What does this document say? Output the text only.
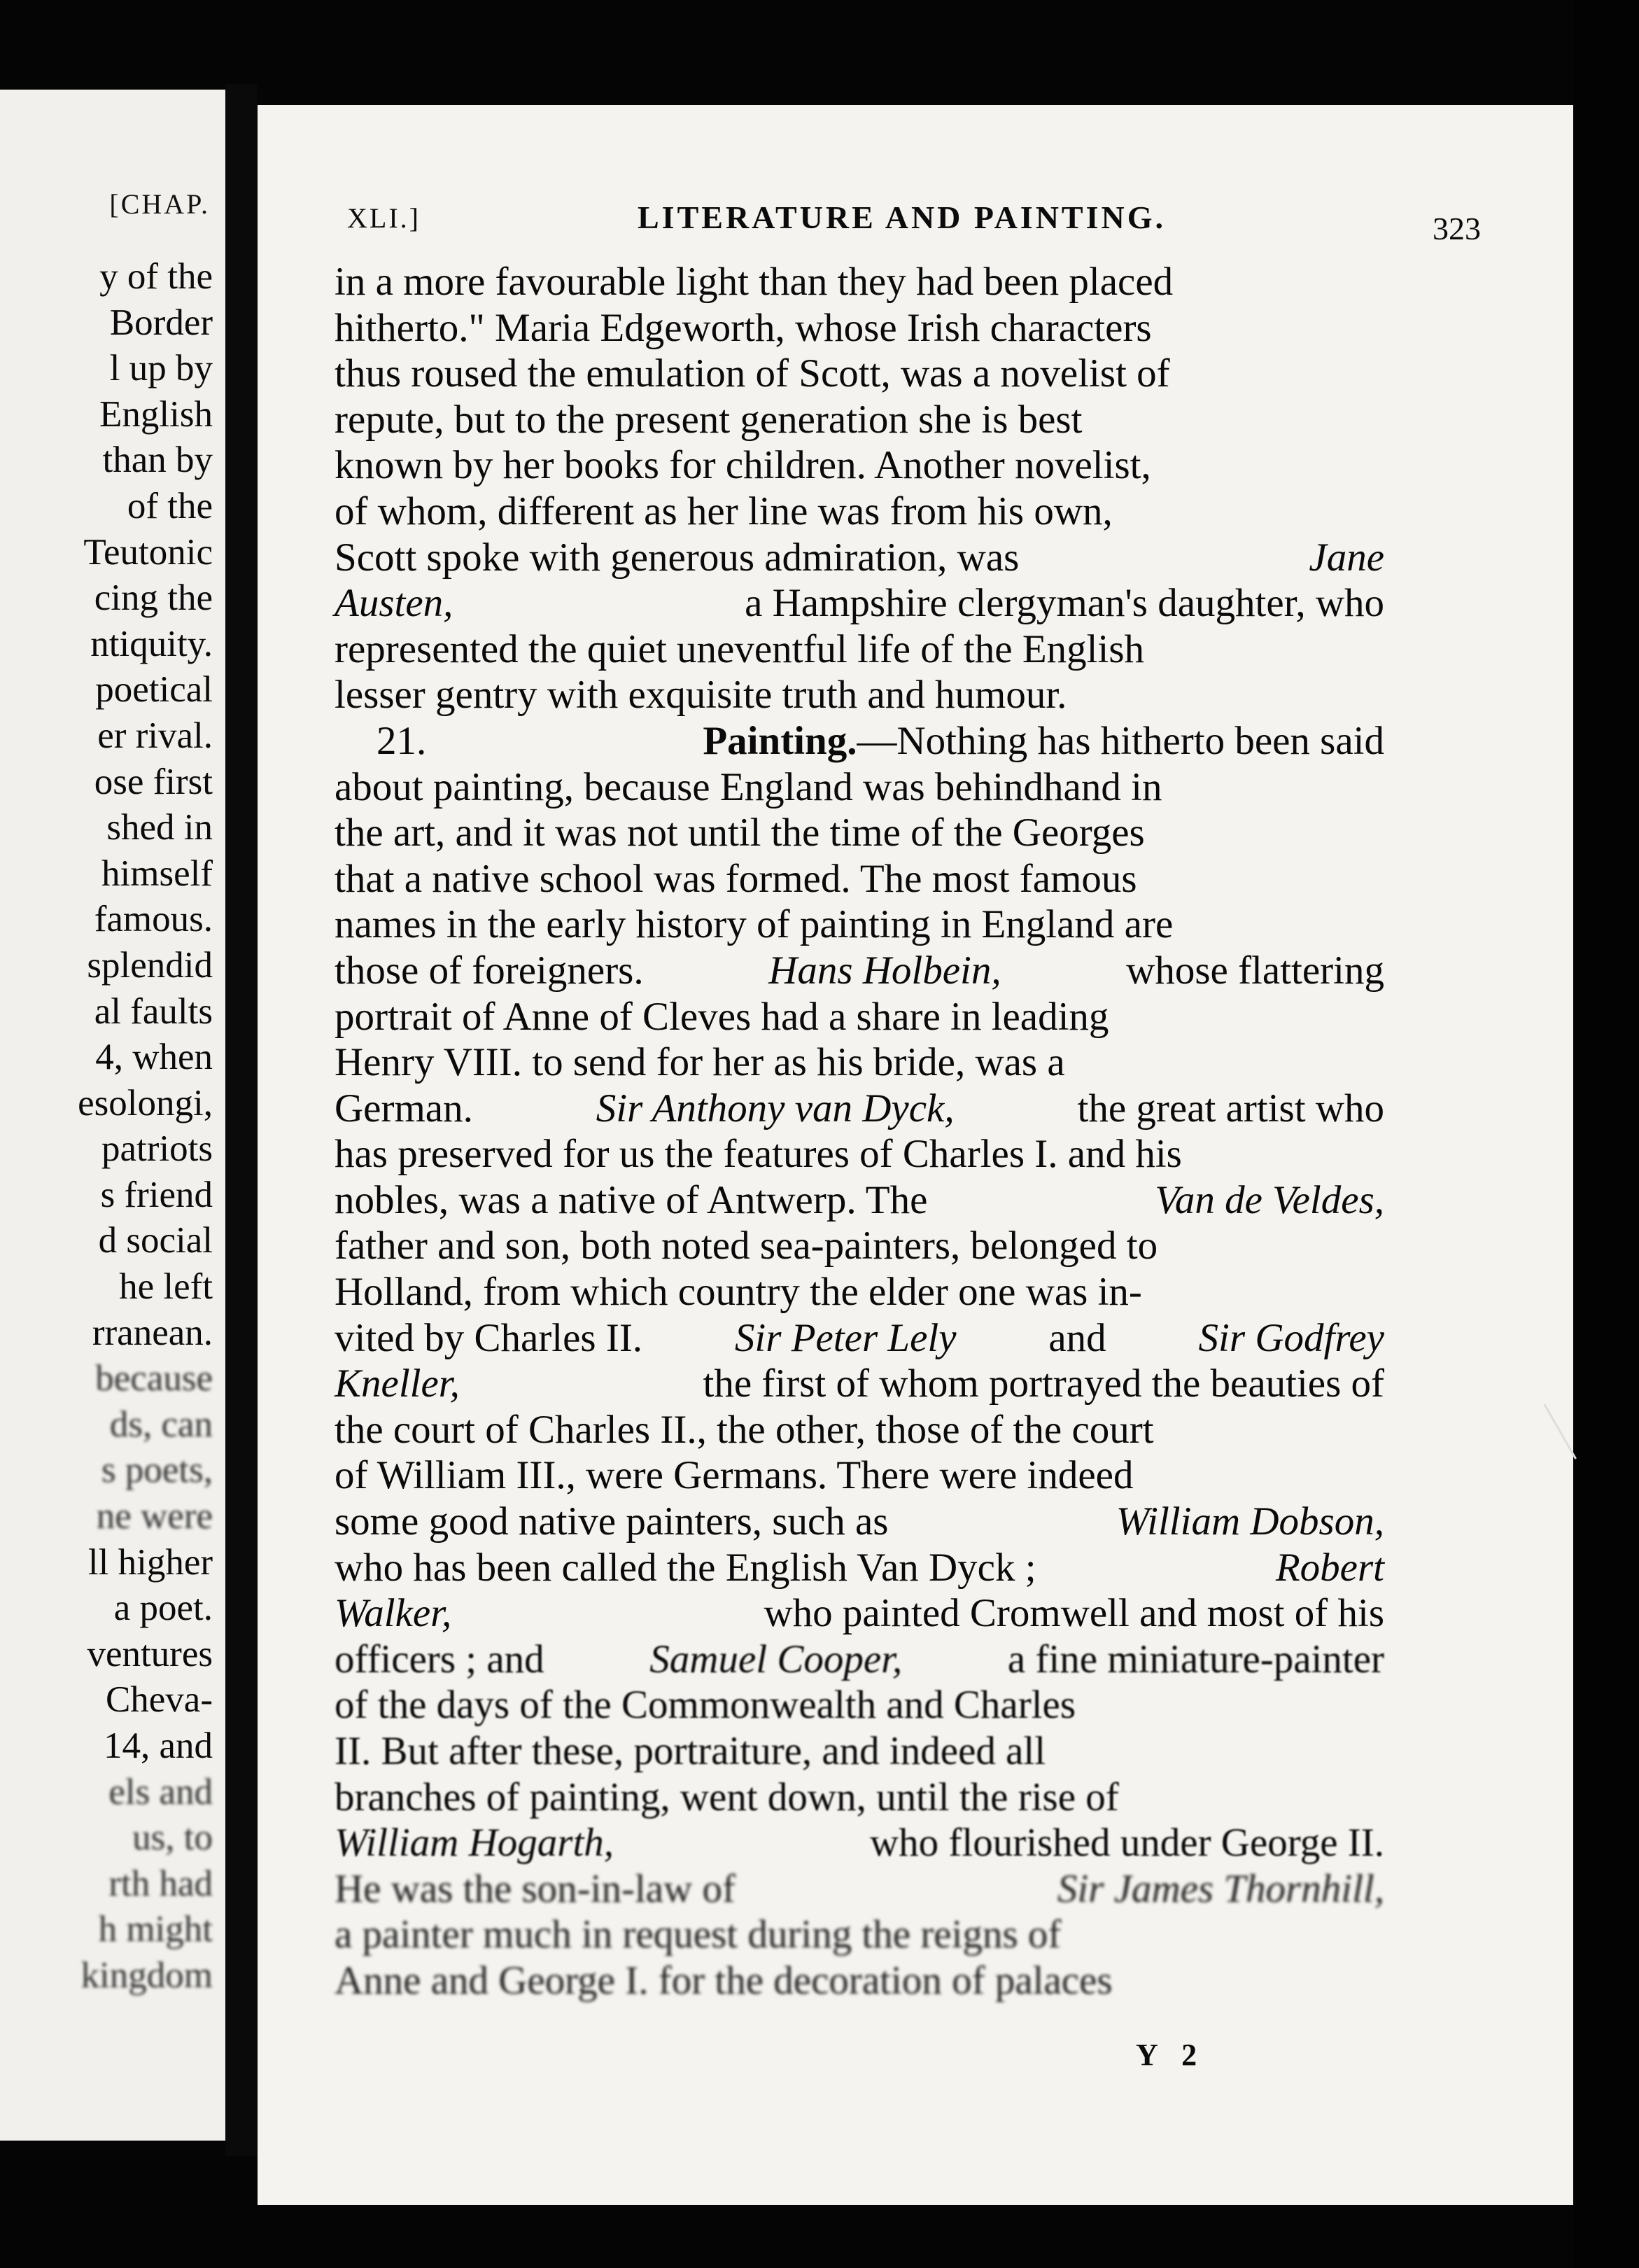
[CHAP.
y of the
Border
l up by
English
than by
of the
Teutonic
cing the
ntiquity.
poetical
er rival.
ose first
shed in
himself
famous.
splendid
al faults
4, when
esolongi,
patriots
s friend
d social
he left
rranean.
because
ds, can
s poets,
ne were
ll higher
a poet.
ventures
Cheva-
14, and
els and
us, to
rth had
h might
kingdom
XLI.]	LITERATURE AND PAINTING.	323
in a more favourable light than they had been placed
hitherto." Maria Edgeworth, whose Irish characters
thus roused the emulation of Scott, was a novelist of
repute, but to the present generation she is best
known by her books for children. Another novelist,
of whom, different as her line was from his own,
Scott spoke with generous admiration, was	Jane
Austen,	a Hampshire clergyman's daughter, who
represented the quiet uneventful life of the English
lesser gentry with exquisite truth and humour.
21.	Painting.—Nothing has hitherto been said
about painting, because England was behindhand in
the art, and it was not until the time of the Georges
that a native school was formed. The most famous
names in the early history of painting in England are
those of foreigners.	Hans Holbein,	whose flattering
portrait of Anne of Cleves had a share in leading
Henry VIII. to send for her as his bride, was a
German.	Sir Anthony van Dyck,	the great artist who
has preserved for us the features of Charles I. and his
nobles, was a native of Antwerp. The	Van de Veldes,
father and son, both noted sea-painters, belonged to
Holland, from which country the elder one was in-
vited by Charles II. Sir Peter Lely and Sir Godfrey
Kneller,	the first of whom portrayed the beauties of
the court of Charles II., the other, those of the court
of William III., were Germans. There were indeed
some good native painters, such as	William Dobson,
who has been called the English Van Dyck ;	Robert
Walker,	who painted Cromwell and most of his
officers ; and	Samuel Cooper,	a fine miniature-painter
of the days of the Commonwealth and Charles
II. But after these, portraiture, and indeed all
branches of painting, went down, until the rise of
William Hogarth,	who flourished under George II.
He was the son-in-law of	Sir James Thornhill,
a painter much in request during the reigns of
Anne and George I. for the decoration of palaces
Y 2
